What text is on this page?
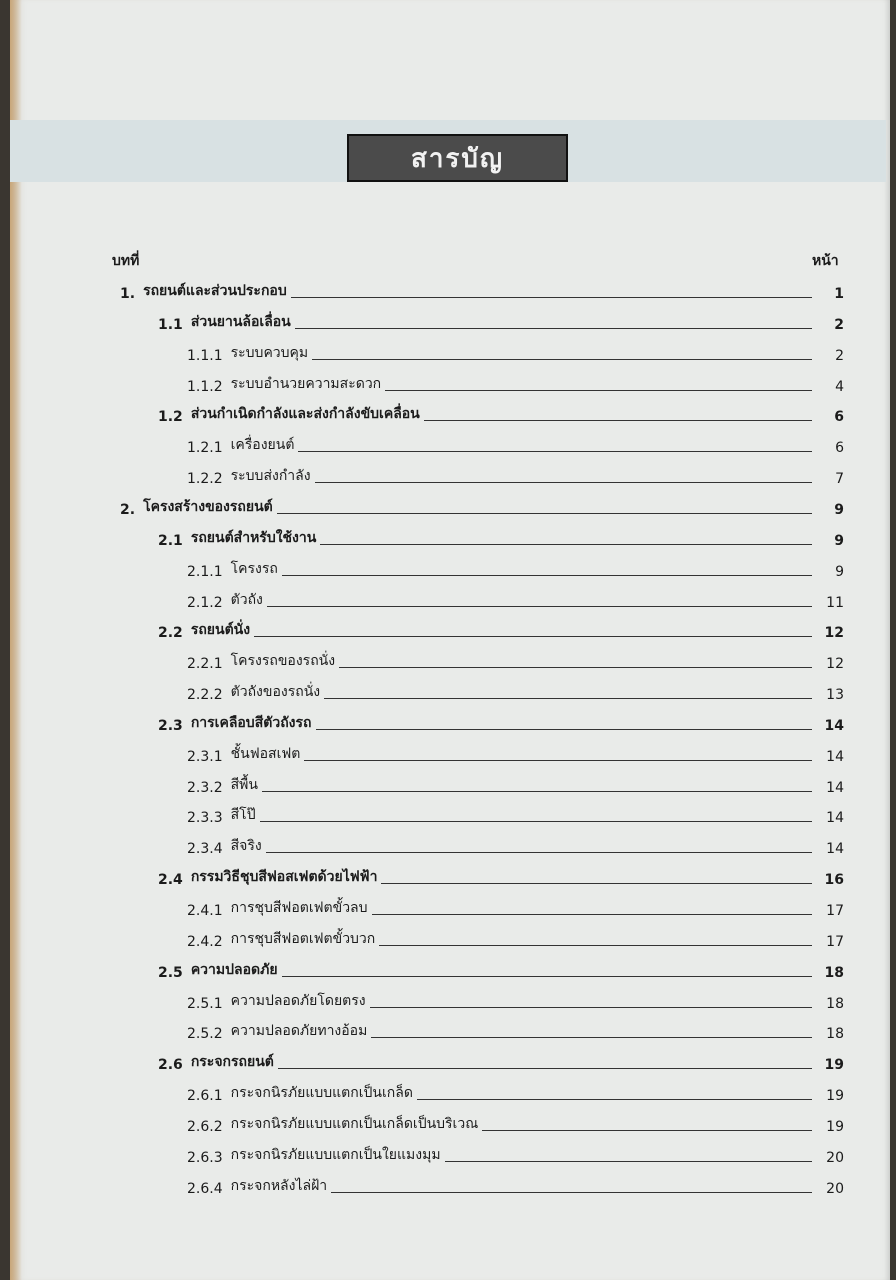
สารบัญ
บทที่	หน้า
1. รถยนต์และส่วนประกอบ	1
1.1 ส่วนยานล้อเลื่อน	2
1.1.1 ระบบควบคุม	2
1.1.2 ระบบอำนวยความสะดวก	4
1.2 ส่วนกำเนิดกำลังและส่งกำลังขับเคลื่อน	6
1.2.1 เครื่องยนต์	6
1.2.2 ระบบส่งกำลัง	7
2. โครงสร้างของรถยนต์	9
2.1 รถยนต์สำหรับใช้งาน	9
2.1.1 โครงรถ	9
2.1.2 ตัวถัง	11
2.2 รถยนต์นั่ง	12
2.2.1 โครงรถของรถนั่ง	12
2.2.2 ตัวถังของรถนั่ง	13
2.3 การเคลือบสีตัวถังรถ	14
2.3.1 ชั้นฟอสเฟต	14
2.3.2 สีพื้น	14
2.3.3 สีโป๊	14
2.3.4 สีจริง	14
2.4 กรรมวิธีชุบสีฟอสเฟตด้วยไฟฟ้า	16
2.4.1 การชุบสีฟอตเฟตขั้วลบ	17
2.4.2 การชุบสีฟอตเฟตขั้วบวก	17
2.5 ความปลอดภัย	18
2.5.1 ความปลอดภัยโดยตรง	18
2.5.2 ความปลอดภัยทางอ้อม	18
2.6 กระจกรถยนต์	19
2.6.1 กระจกนิรภัยแบบแตกเป็นเกล็ด	19
2.6.2 กระจกนิรภัยแบบแตกเป็นเกล็ดเป็นบริเวณ	19
2.6.3 กระจกนิรภัยแบบแตกเป็นใยแมงมุม	20
2.6.4 กระจกหลังไล่ฝ้า	20
